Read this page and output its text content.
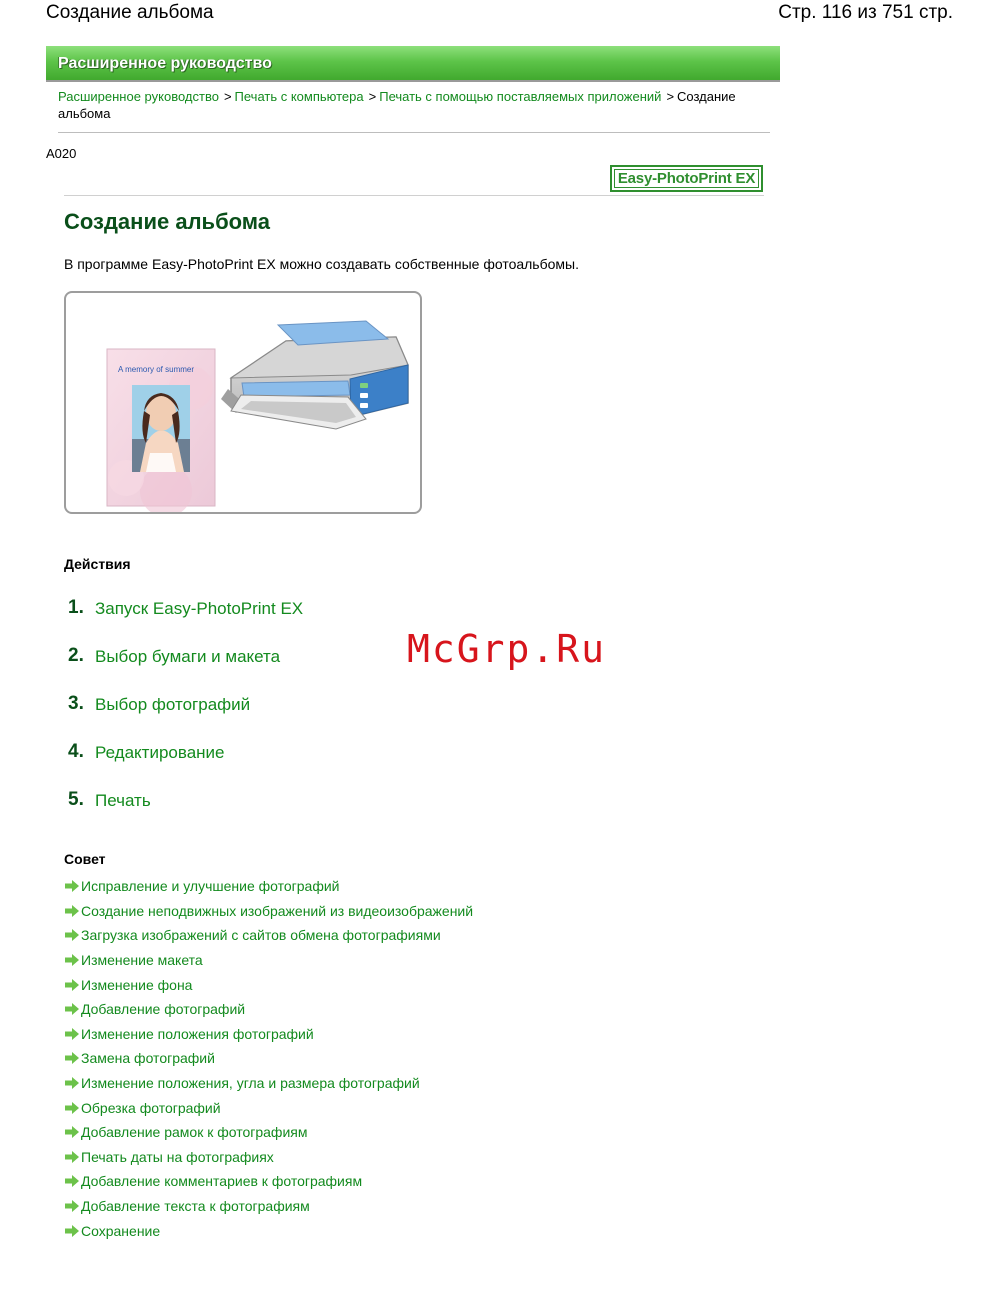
Создание альбома	Стр. 116 из 751 стр.
Расширенное руководство
Расширенное руководство > Печать с компьютера > Печать с помощью поставляемых приложений > Создание альбома
A020
Easy-PhotoPrint EX
Создание альбома
В программе Easy-PhotoPrint EX можно создавать собственные фотоальбомы.
A memory of summer
Действия
1. Запуск Easy-PhotoPrint EX
2. Выбор бумаги и макета
3. Выбор фотографий
4. Редактирование
5. Печать
McGrp.Ru
Совет
Исправление и улучшение фотографий
Создание неподвижных изображений из видеоизображений
Загрузка изображений с сайтов обмена фотографиями
Изменение макета
Изменение фона
Добавление фотографий
Изменение положения фотографий
Замена фотографий
Изменение положения, угла и размера фотографий
Обрезка фотографий
Добавление рамок к фотографиям
Печать даты на фотографиях
Добавление комментариев к фотографиям
Добавление текста к фотографиям
Сохранение
